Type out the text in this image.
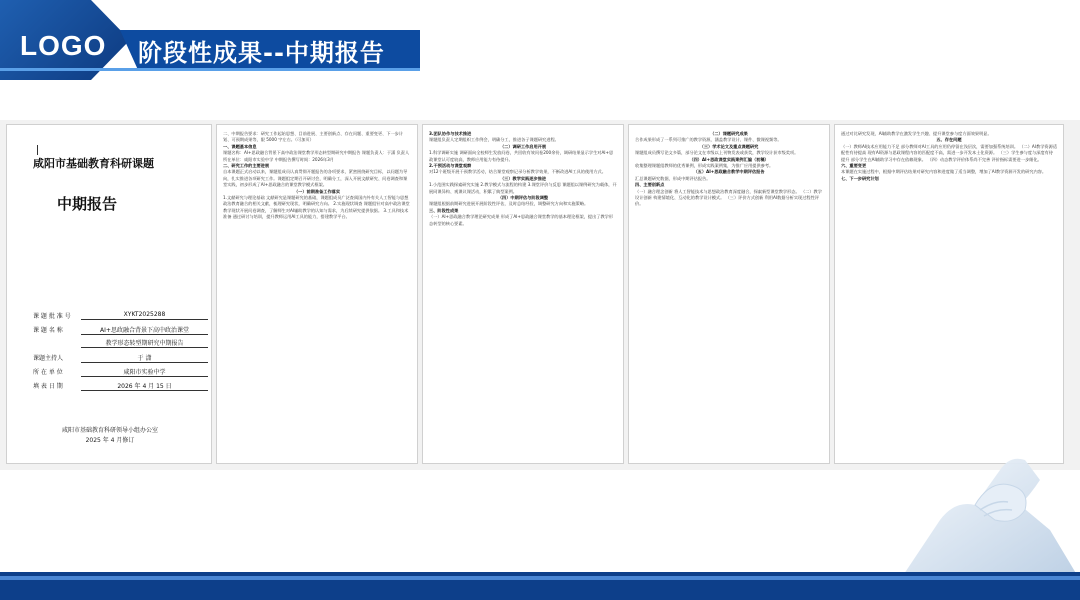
LOGO 阶段性成果--中期报告
咸阳市基础教育科研课题
中期报告
课 题 批 准 号	XYKT2025288
课 题 名 称	AI+思政融合背景下高中政治课堂
教学形态转型期研究中期报告
课题主持人	于 潇
所 在 单 位	咸阳市实验中学
填 表 日 期	2026 年 4 月 15 日
咸阳市基础教育科研领导小组办公室
2025 年 4 月修订
二、中期报告要求：研究工作起始思想、目前进展、主要创新点、存在问题、重要变更、下一步计划、可预期成果等，限 5000 字左右。（可加页）
一、课题基本信息
课题名称：AI+思政融合背景下高中政治课堂教学形态转型期研究中期报告 课题负责人：于潇 负责人所在单位：咸阳市实验中学 中期报告撰写时间：2026年3月
二、研究工作的主要进展
自本课题正式启动以来，课题组成员认真贯彻开题报告的各项要求，紧密围绕研究目标，以问题为导向，扎实推进各项研究工作。课题组定期召开研讨会，明确分工，深入开展文献研究、问卷调查和课堂实践，初步形成了AI+思政融合的课堂教学模式框架。
（一）前期准备工作落实
1.文献研究与理论基础 文献研究是课题研究的基础，课题组成员广泛查阅国内外有关人工智能与思想政治教育融合的相关文献，梳理研究现状，明确研究方向。 2.实施现状调查 课题组针对高中政治课堂教学现状开展问卷调查，了解师生对AI辅助教学的认知与需求，为后续研究提供依据。 3.工具和技术准备 通过研讨与培训，提升教师运用AI工具的能力，搭建教学平台。
3.团队协作与技术推进
课题组负责人定期组织工作例会，明确分工，推进各子课题研究进程。
（二）调研工作启用开展
1.科学调研实施 调研面向全校师生发放问卷，共回收有效问卷200余份，调研结果显示学生对AI+思政课堂认可度较高，教师应用能力有待提升。
2.干预活动与课堂观察
对12个班级开展干预教学活动，结合课堂观察记录分析教学效果，不断改进AI工具的使用方式。
（三）教学实践逐步推进
1.小范围实践探索研究实施 2.教学模式与流程的构建 3.课堂评价与反思 课题组以课例研究为载体，开展同课异构、观课议课活动，积累了典型案例。
（四）中期评估与阶段调整
课题组根据前期研究进展开展阶段性评估，及时总结经验，调整研究方向和实施策略。
三、阶段性成果
（一）AI+思政融合教学理论研究成果 形成了AI+思政融合课堂教学的基本理论框架，提出了教学形态转型的核心要素。
（二）课题研究成果
合作成果形成了一系列可推广的教学资源，涵盖教学设计、课件、微课视频等。
（三）学术论文及重点课题研究
课题组成员撰写论文多篇，部分论文在市级以上刊物发表或获奖，教学设计获市级奖项。
（四）AI+思政课堂实践案例汇编（初稿）
收集整理课题组教师的优秀课例，形成实践案例集，为推广应用提供参考。
（五）AI+思政融合教学中期评估报告
汇总课题研究数据，形成中期评估报告。
四、主要创新点
（一）融合理念创新 将人工智能技术与思想政治教育深度融合，探索新型课堂教学形态。 （二）教学设计创新 构建情境化、互动化的教学设计模式。 （三）评价方式创新 利用AI数据分析实现过程性评价。
通过对比研究发现，AI辅助教学在激发学生兴趣、提升课堂参与度方面效果明显。
五、存在问题
（一）教师AI技术应用能力不足 部分教师对AI工具的应用仍停留在浅层次，需要加强系统培训。 （二）AI教学资源适配性有待提高 现有AI资源与思政课程内容的匹配度不高，需进一步开发本土化资源。 （三）学生参与度与深度有待提升 部分学生在AI辅助学习中存在依赖现象。 （四）动态教学评价体系尚不完善 评价指标需要进一步细化。
六、重要变更
本课题在实施过程中，根据中期评估结果对研究内容和进度做了适当调整，增加了AI教学资源开发的研究内容。
七、下一步研究计划
